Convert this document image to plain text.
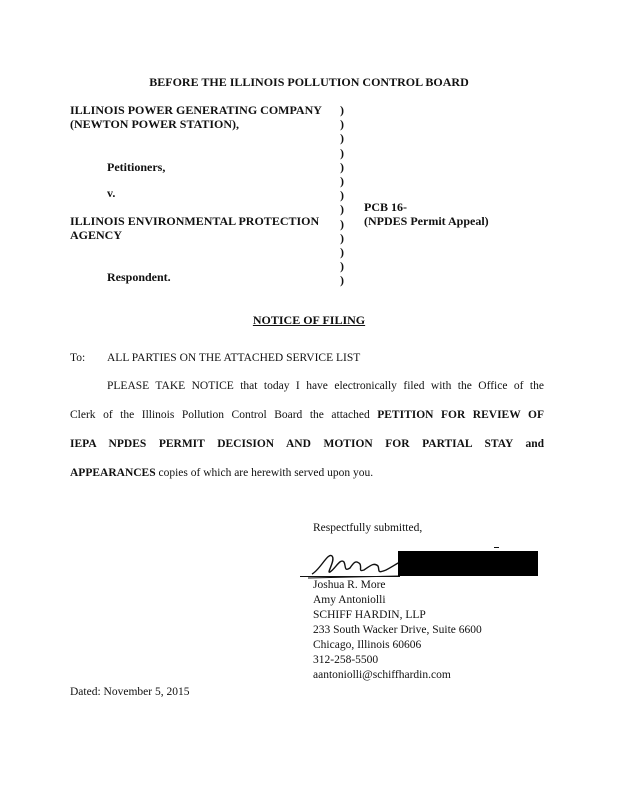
BEFORE THE ILLINOIS POLLUTION CONTROL BOARD
ILLINOIS POWER GENERATING COMPANY
(NEWTON POWER STATION),
Petitioners,
v.
ILLINOIS ENVIRONMENTAL PROTECTION
AGENCY
Respondent.
)
)
)
)
)
)
)
)
)
)
)
)
)
PCB 16-
(NPDES Permit Appeal)
NOTICE OF FILING
To: ALL PARTIES ON THE ATTACHED SERVICE LIST
PLEASE TAKE NOTICE that today I have electronically filed with the Office of the
Clerk of the Illinois Pollution Control Board the attached PETITION FOR REVIEW OF
IEPA NPDES PERMIT DECISION AND MOTION FOR PARTIAL STAY and
APPEARANCES copies of which are herewith served upon you.
Respectfully submitted,
Joshua R. More
Amy Antoniolli
SCHIFF HARDIN, LLP
233 South Wacker Drive, Suite 6600
Chicago, Illinois 60606
312-258-5500
aantoniolli@schiffhardin.com
Dated: November 5, 2015
